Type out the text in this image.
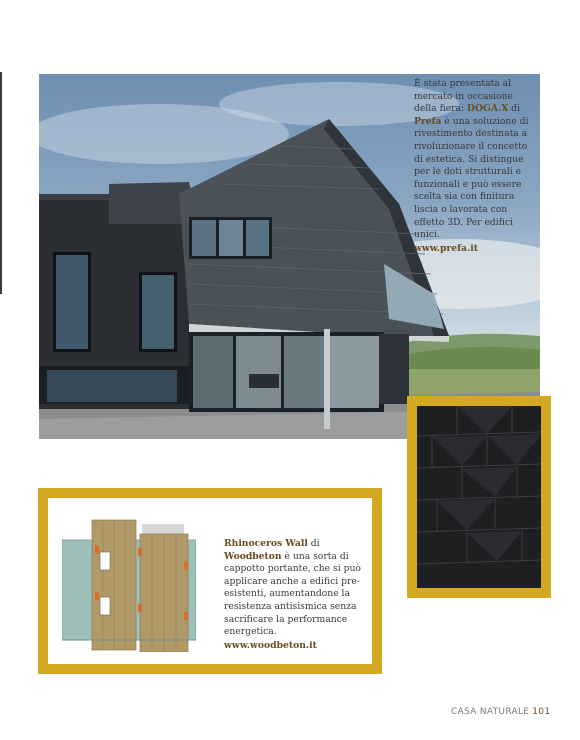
È stata presentata al mercato in occasione della fiera: DOGA.X di Prefa è una soluzione di rivestimento destinata a rivoluzionare il concetto di estetica. Si distingue per le doti strutturali e funzionali e può essere scelta sia con finitura liscia o lavorata con effetto 3D. Per edifici unici.

www.prefa.it

Rhinoceros Wall di Woodbeton è una sorta di cappotto portante, che si può applicare anche a edifici pre-esistenti, aumentandone la resistenza antisismica senza sacrificare la performance energetica.

www.woodbeton.it
CASA NATURALE 101
